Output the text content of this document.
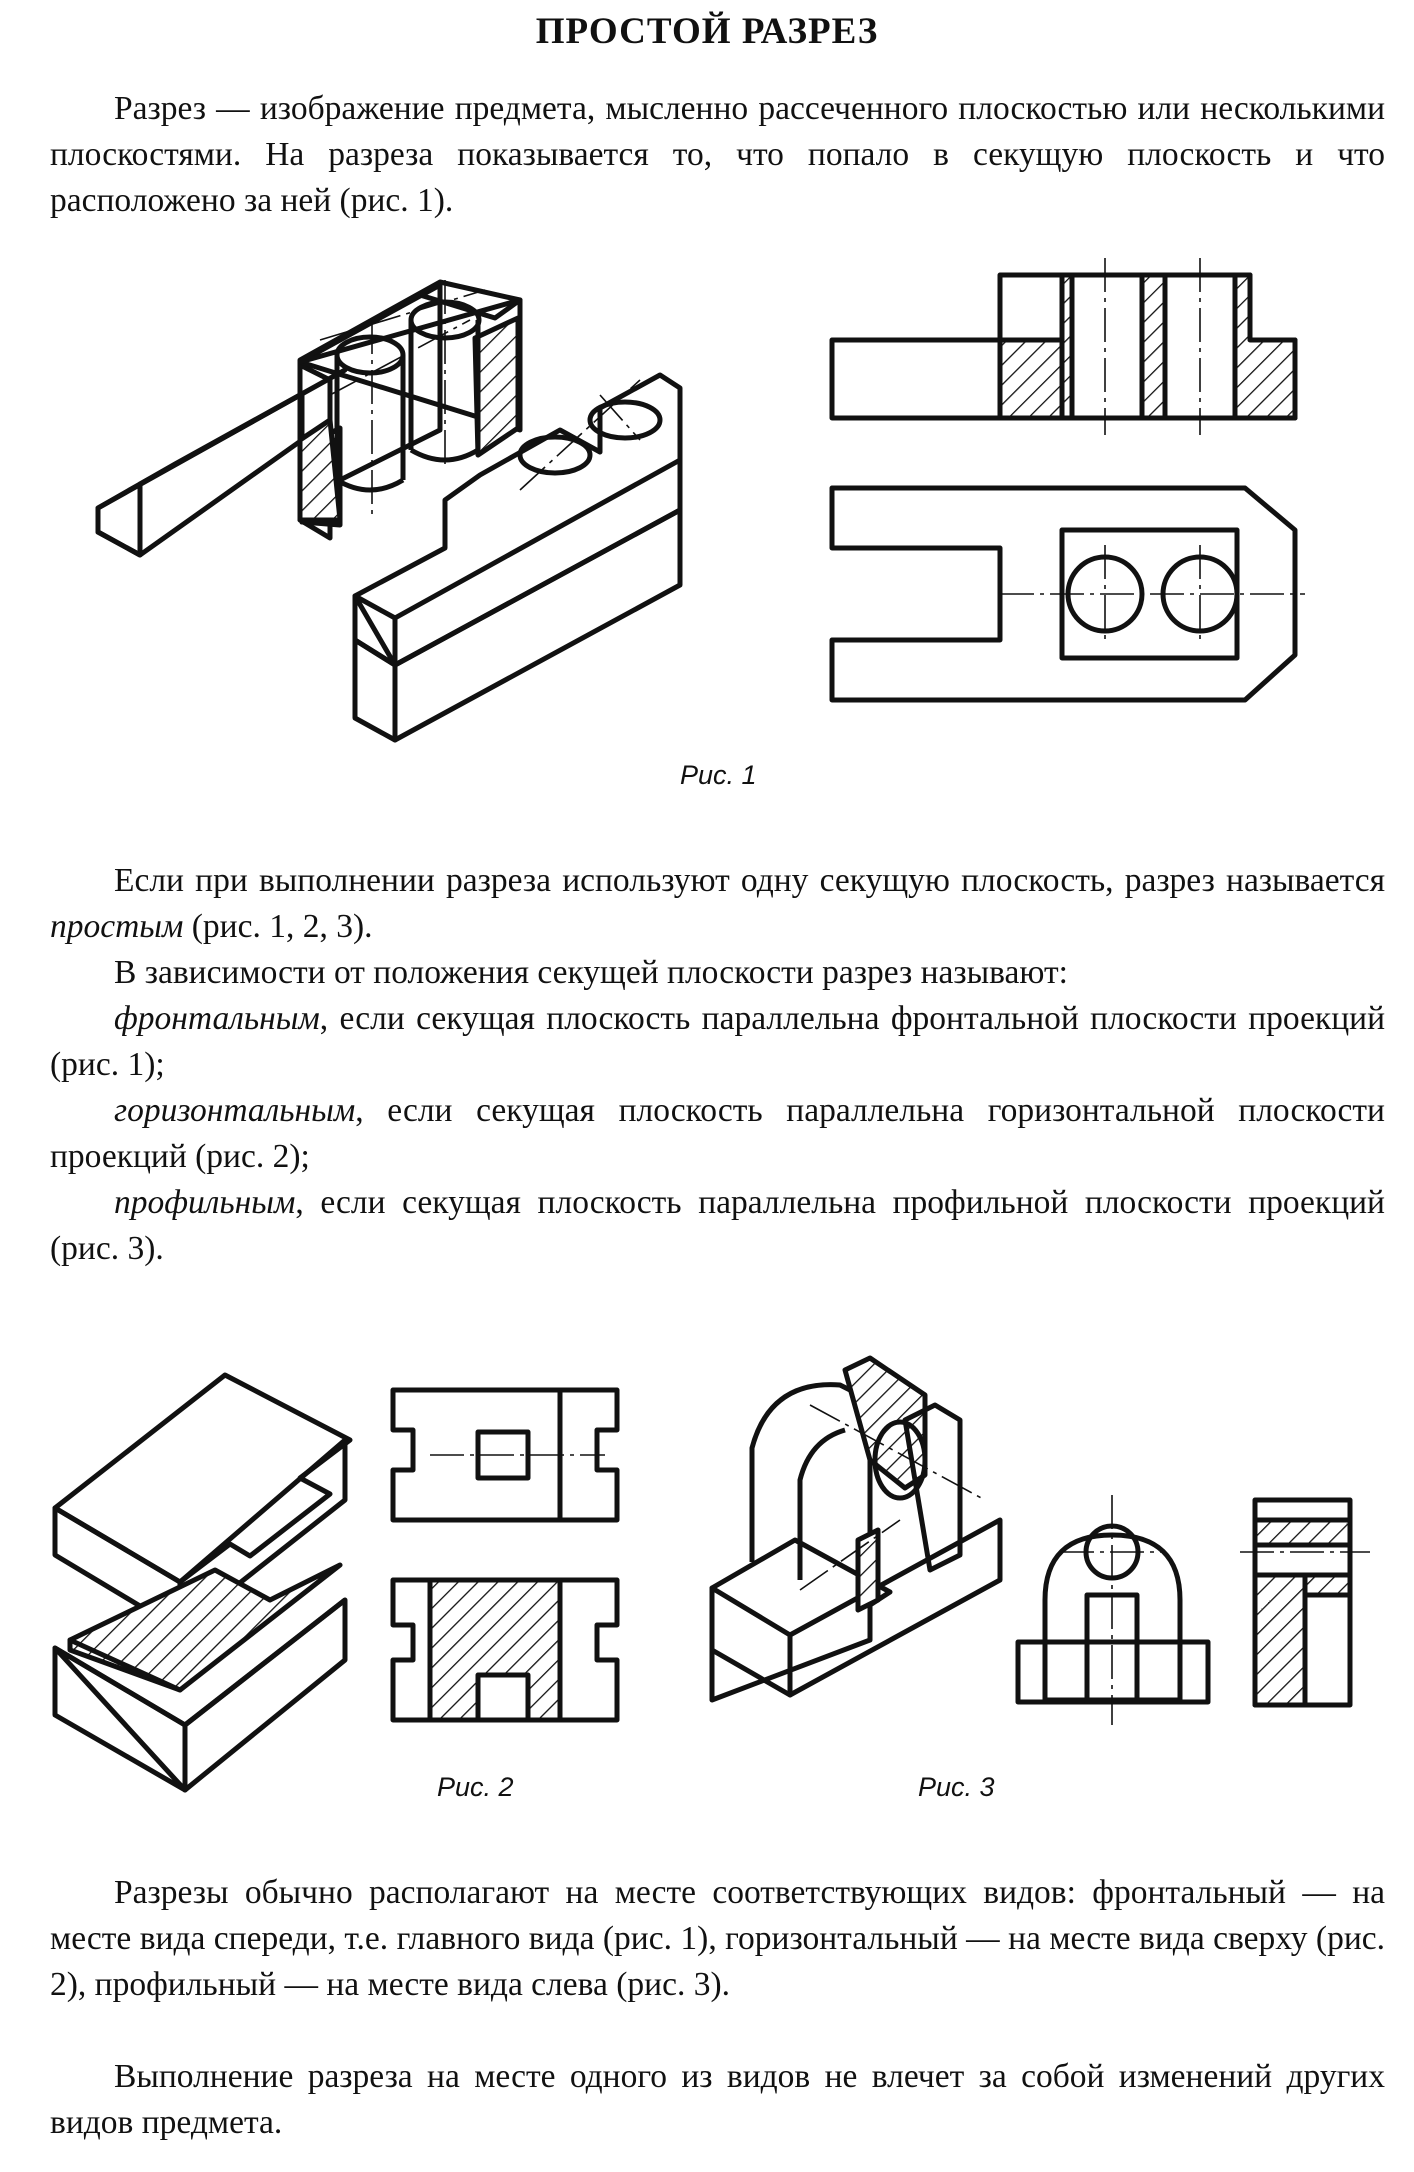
ПРОСТОЙ РАЗРЕЗ
Разрез — изображение предмета, мысленно рассеченного плоскостью или несколькими плоскостями. На разреза показывается то, что попало в секущую плоскость и что расположено за ней (рис. 1).
Рис. 1
Если при выполнении разреза используют одну секущую плоскость, разрез называется простым (рис. 1, 2, 3).
В зависимости от положения секущей плоскости разрез называют:
фронтальным, если секущая плоскость параллельна фронтальной плоскости проекций (рис. 1);
горизонтальным, если секущая плоскость параллельна горизонтальной плоскости проекций (рис. 2);
профильным, если секущая плоскость параллельна профильной плоскости проекций (рис. 3).
Рис. 2	Рис. 3
Разрезы обычно располагают на месте соответствующих видов: фронтальный — на месте вида спереди, т.е. главного вида (рис. 1), горизонтальный — на месте вида сверху (рис. 2), профильный — на месте вида слева (рис. 3).
Выполнение разреза на месте одного из видов не влечет за собой изменений других видов предмета.
